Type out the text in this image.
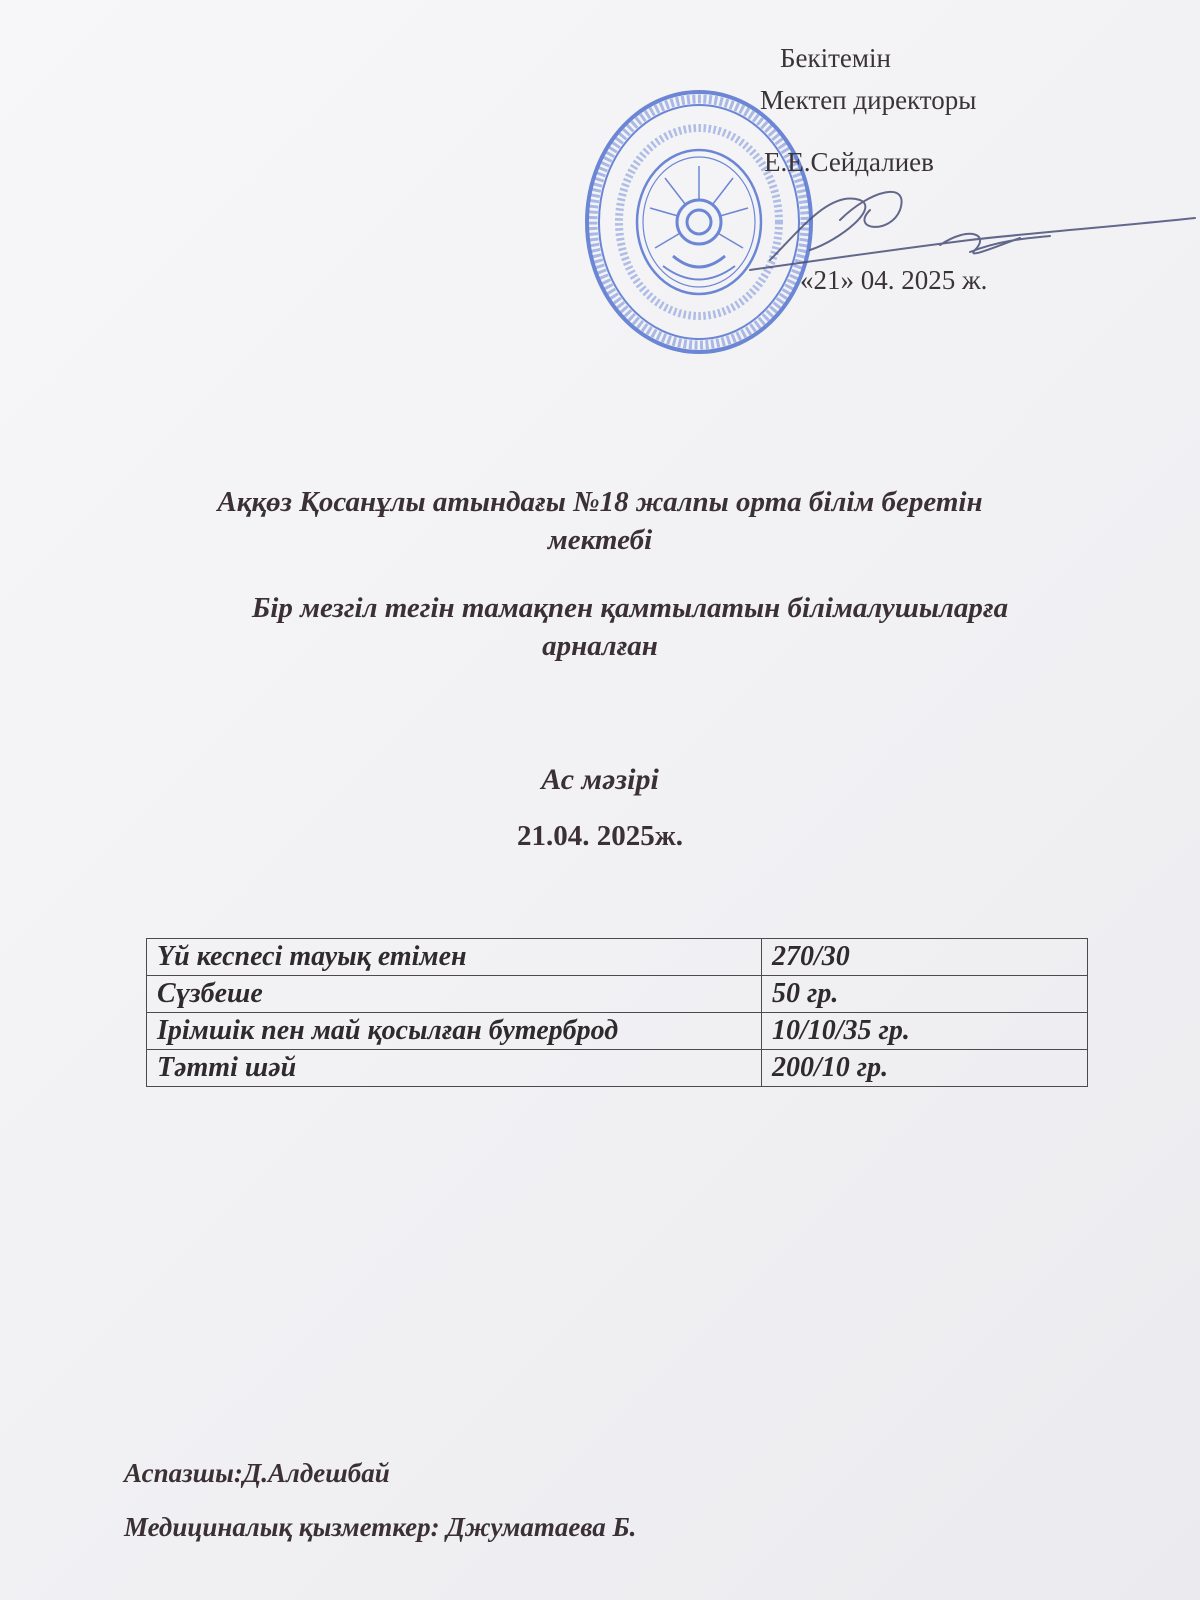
Бекітемін
Мектеп директоры
Е.Е.Сейдалиев
«21» 04. 2025 ж.
Аққөз Қосанұлы атындағы №18 жалпы орта білім беретін
мектебі
Бір мезгіл тегін тамақпен қамтылатын білімалушыларға
арналған
Ас мәзірі
21.04. 2025ж.
Үй кеспесі тауық етімен	270/30
Сүзбеше	50 гр.
Ірімшік пен май қосылған бутерброд	10/10/35 гр.
Тәтті шәй	200/10 гр.
Аспазшы:Д.Алдешбай
Медициналық қызметкер: Джуматаева Б.
